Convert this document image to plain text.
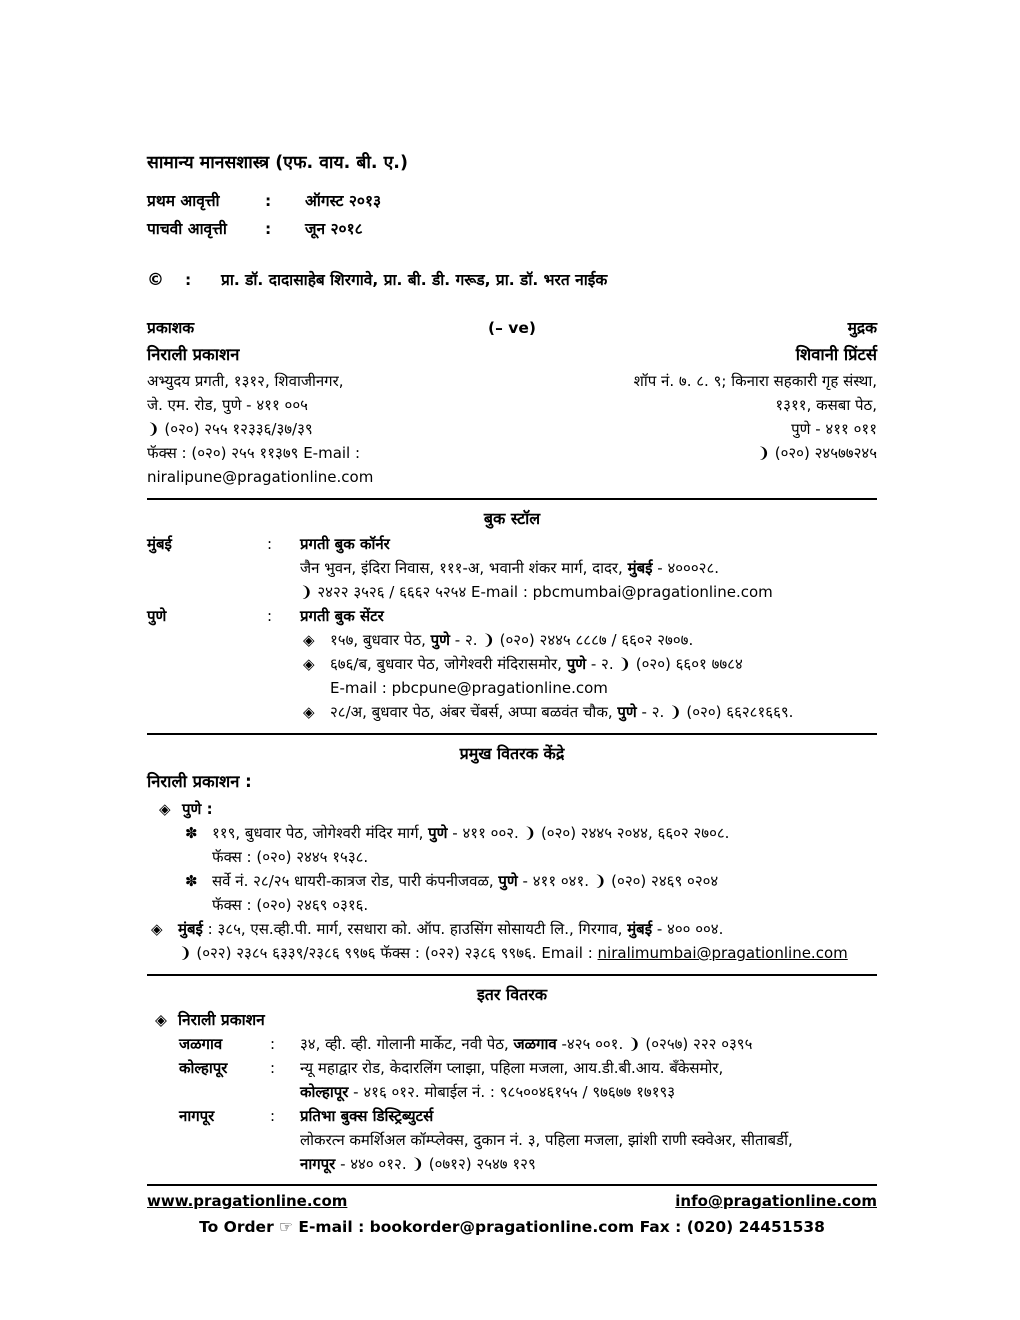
सामान्य मानसशास्त्र (एफ. वाय. बी. ए.)
प्रथम आवृत्ती	:	ऑगस्ट २०१३
पाचवी आवृत्ती	:	जून २०१८
©	:	प्रा. डॉ. दादासाहेब शिरगावे, प्रा. बी. डी. गरूड, प्रा. डॉ. भरत नाईक
प्रकाशक	(– ve)	मुद्रक
निराली प्रकाशन
अभ्युदय प्रगती, १३१२, शिवाजीनगर,
जे. एम. रोड, पुणे - ४११ ००५
❩ (०२०) २५५ १२३३६/३७/३९
फॅक्स : (०२०) २५५ ११३७९ E-mail : niralipune@pragationline.com
शिवानी प्रिंटर्स
शॉप नं. ७. ८. ९; किनारा सहकारी गृह संस्था,
१३११, कसबा पेठ,
पुणे - ४११ ०११
❩ (०२०) २४५७७२४५
बुक स्टॉल
मुंबई	:	प्रगती बुक कॉर्नर
जैन भुवन, इंदिरा निवास, १११-अ, भवानी शंकर मार्ग, दादर, मुंबई - ४०००२८.
❩ २४२२ ३५२६ / ६६६२ ५२५४ E-mail : pbcmumbai@pragationline.com
पुणे	:	प्रगती बुक सेंटर
◈	१५७, बुधवार पेठ, पुणे - २. ❩ (०२०) २४४५ ८८८७ / ६६०२ २७०७.
◈	६७६/ब, बुधवार पेठ, जोगेश्वरी मंदिरासमोर, पुणे - २. ❩ (०२०) ६६०१ ७७८४
E-mail : pbcpune@pragationline.com
◈	२८/अ, बुधवार पेठ, अंबर चेंबर्स, अप्पा बळवंत चौक, पुणे - २. ❩ (०२०) ६६२८१६६९.
प्रमुख वितरक केंद्रे
निराली प्रकाशन :
◈ पुणे :
✽ ११९, बुधवार पेठ, जोगेश्वरी मंदिर मार्ग, पुणे - ४११ ००२. ❩ (०२०) २४४५ २०४४, ६६०२ २७०८.
फॅक्स : (०२०) २४४५ १५३८.
✽ सर्वे नं. २८/२५ धायरी-कात्रज रोड, पारी कंपनीजवळ, पुणे - ४११ ०४१. ❩ (०२०) २४६९ ०२०४
फॅक्स : (०२०) २४६९ ०३१६.
◈	मुंबई : ३८५, एस.व्ही.पी. मार्ग, रसधारा को. ऑप. हाउसिंग सोसायटी लि., गिरगाव, मुंबई - ४०० ००४.
❩ (०२२) २३८५ ६३३९/२३८६ ९९७६ फॅक्स : (०२२) २३८६ ९९७६. Email : niralimumbai@pragationline.com
इतर वितरक
◈ निराली प्रकाशन
जळगाव	:	३४, व्ही. व्ही. गोलानी मार्केट, नवी पेठ, जळगाव -४२५ ००१. ❩ (०२५७) २२२ ०३९५
कोल्हापूर	:	न्यू महाद्वार रोड, केदारलिंग प्लाझा, पहिला मजला, आय.डी.बी.आय. बँकेसमोर,
कोल्हापूर - ४१६ ०१२. मोबाईल नं. : ९८५००४६१५५ / ९७६७७ १७१९३
नागपूर	:	प्रतिभा बुक्स डिस्ट्रिब्युटर्स
लोकरत्न कमर्शिअल कॉम्प्लेक्स, दुकान नं. ३, पहिला मजला, झांशी राणी स्क्वेअर, सीताबर्डी,
नागपूर - ४४० ०१२. ❩ (०७१२) २५४७ १२९
www.pragationline.com	info@pragationline.com
To Order ☞ E-mail : bookorder@pragationline.com Fax : (020) 24451538
